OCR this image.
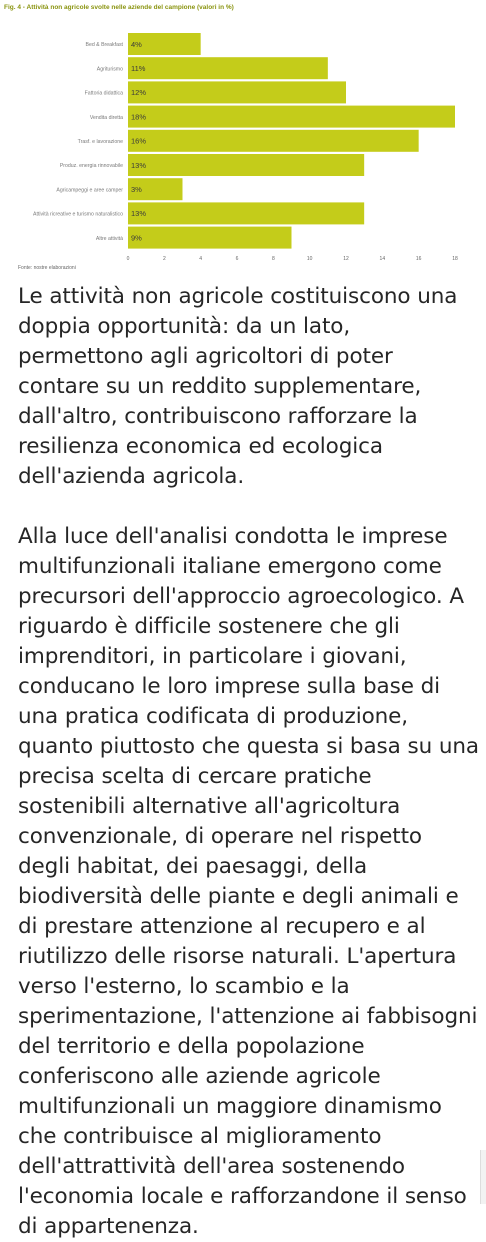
Fig. 4 - Attività non agricole svolte nelle aziende del campione (valori in %)
Bed & Breakfast 4%
Agriturismo 11%
Fattoria didattica 12%
Vendita diretta 18%
Trasf. e lavorazione 16%
Produz. energia rinnovabile 13%
Agricampeggi e aree camper 3%
Attività ricreative e turismo naturalistico 13%
Altre attività 9%
0	2	4	6	8	10	12	14	16	18
Fonte: nostre elaborazioni

Le attività non agricole costituiscono una doppia opportunità: da un lato, permettono agli agricoltori di poter contare su un reddito supplementare, dall'altro, contribuiscono rafforzare la resilienza economica ed ecologica dell'azienda agricola.

Alla luce dell'analisi condotta le imprese multifunzionali italiane emergono come precursori dell'approccio agroecologico. A riguardo è difficile sostenere che gli imprenditori, in particolare i giovani, conducano le loro imprese sulla base di una pratica codificata di produzione, quanto piuttosto che questa si basa su una precisa scelta di cercare pratiche sostenibili alternative all'agricoltura convenzionale, di operare nel rispetto degli habitat, dei paesaggi, della biodiversità delle piante e degli animali e di prestare attenzione al recupero e al riutilizzo delle risorse naturali. L'apertura verso l'esterno, lo scambio e la sperimentazione, l'attenzione ai fabbisogni del territorio e della popolazione conferiscono alle aziende agricole multifunzionali un maggiore dinamismo che contribuisce al miglioramento dell'attrattività dell'area sostenendo l'economia locale e rafforzandone il senso di appartenenza.
